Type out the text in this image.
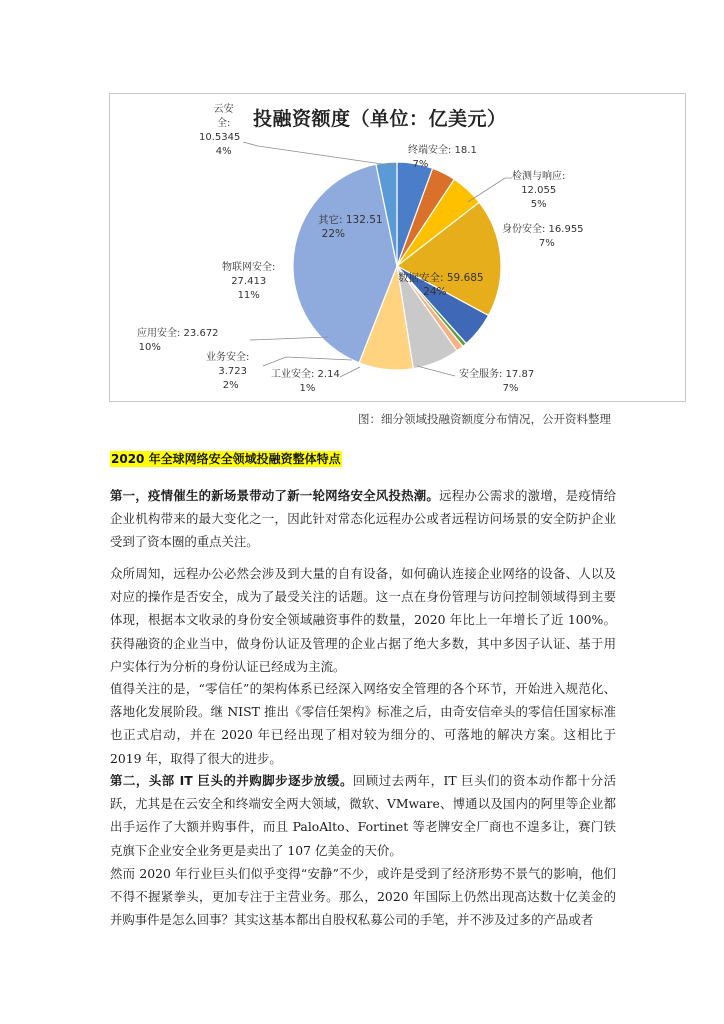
投融资额度（单位：亿美元）
云安
全:
10.5345
4%	终端安全: 18.1
7%
检测与响应:
12.055
5%
身份安全: 16.955
7%
数据安全: 59.685
24%
安全服务: 17.87
7%
工业安全: 2.14
1%
业务安全:
3.723
2%
应用安全: 23.672
10%
物联网安全:
27.413
11%
其它: 132.51
22%
图：细分领域投融资额度分布情况，公开资料整理
2020 年全球网络安全领域投融资整体特点
第一，疫情催生的新场景带动了新一轮网络安全风投热潮。远程办公需求的激增，是疫情给企业机构带来的最大变化之一，因此针对常态化远程办公或者远程访问场景的安全防护企业受到了资本圈的重点关注。
众所周知，远程办公必然会涉及到大量的自有设备，如何确认连接企业网络的设备、人以及对应的操作是否安全，成为了最受关注的话题。这一点在身份管理与访问控制领域得到主要体现，根据本文收录的身份安全领域融资事件的数量，2020 年比上一年增长了近 100%。获得融资的企业当中，做身份认证及管理的企业占据了绝大多数，其中多因子认证、基于用户实体行为分析的身份认证已经成为主流。
值得关注的是，“零信任”的架构体系已经深入网络安全管理的各个环节，开始进入规范化、落地化发展阶段。继 NIST 推出《零信任架构》标准之后，由奇安信牵头的零信任国家标准也正式启动，并在 2020 年已经出现了相对较为细分的、可落地的解决方案。这相比于 2019 年，取得了很大的进步。
第二，头部 IT 巨头的并购脚步逐步放缓。回顾过去两年，IT 巨头们的资本动作都十分活跃，尤其是在云安全和终端安全两大领域，微软、VMware、博通以及国内的阿里等企业都出手运作了大额并购事件，而且 PaloAlto、Fortinet 等老牌安全厂商也不遑多让，赛门铁克旗下企业安全业务更是卖出了 107 亿美金的天价。
然而 2020 年行业巨头们似乎变得“安静”不少，或许是受到了经济形势不景气的影响，他们不得不握紧拳头，更加专注于主营业务。那么，2020 年国际上仍然出现高达数十亿美金的并购事件是怎么回事？其实这基本都出自股权私募公司的手笔，并不涉及过多的产品或者
